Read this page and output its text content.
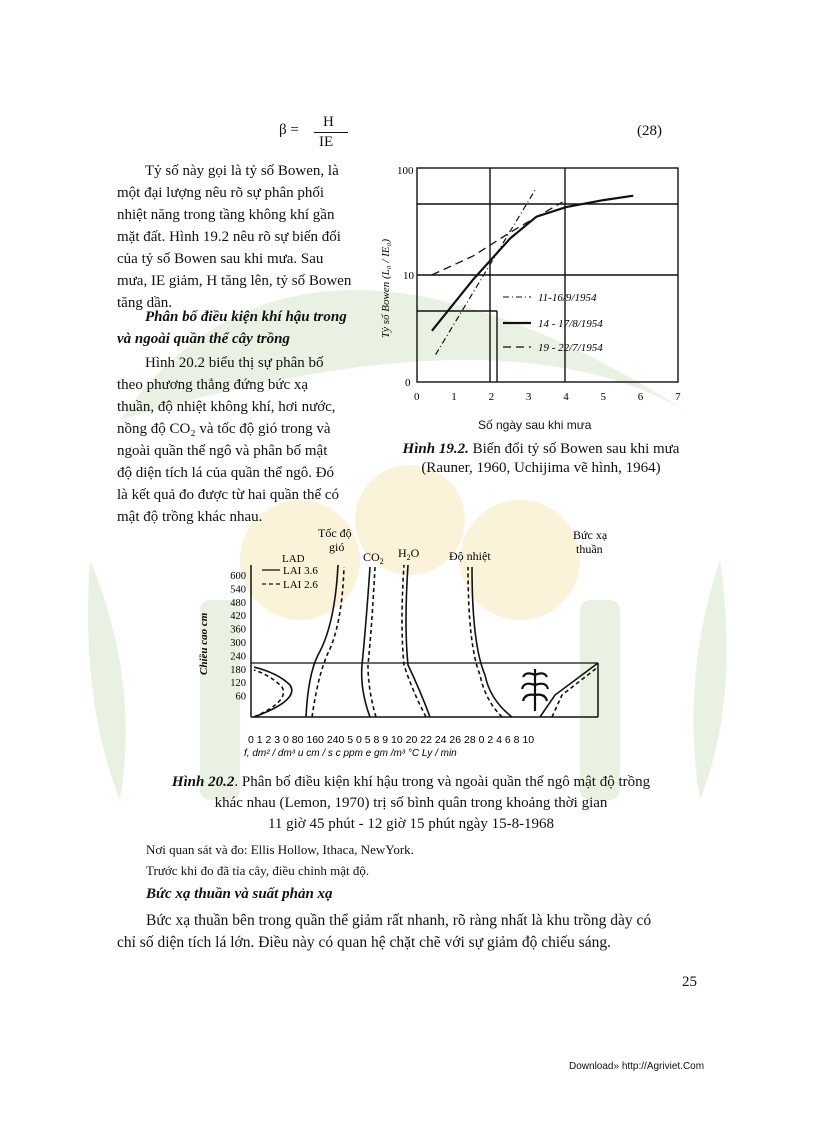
β = H
IE
(28)
Tỷ số này gọi là tỷ số Bowen, là
một đại lượng nêu rõ sự phân phối
nhiệt năng trong tầng không khí gần
mặt đất. Hình 19.2 nêu rõ sự biến đổi
của tỷ số Bowen sau khi mưa. Sau
mưa, IE giảm, H tăng lên, tỷ số Bowen
tăng dần.
Phân bố điều kiện khí hậu trong
và ngoài quần thể cây trồng
Hình 20.2 biểu thị sự phân bố
theo phương thẳng đứng bức xạ
thuần, độ nhiệt không khí, hơi nước,
nồng độ CO₂ và tốc độ gió trong và
ngoài quần thể ngô và phân bố mật
độ diện tích lá của quần thể ngô. Đó
là kết quả đo được từ hai quần thể có
mật độ trồng khác nhau.
100
10
0
0	1	2	3	4	5	6	7
Tỷ số Bowen (L₀ / IE₀)	11-16/9/1954
14 - 17/8/1954
19 - 22/7/1954
Số ngày sau khi mưa
Hình 19.2. Biến đổi tỷ số Bowen sau khi mưa
(Rauner, 1960, Uchijima vẽ hình, 1964)
Tốc độ
gió
$CO_2$
$H_2O$ Độ nhiệt
Bức xạ
thuần
LAD
LAI 3.6
LAI 2.6
600
540
480
420
360
300
240
180
120
60
Chiều cao cm
0 1 2 3 0 80 160 240 5 0 5 8 9 10 20 22 24 26 28 0 2 4 6 8 10
f, dm² / dm³ u cm / s c ppm e gm /m³ °C Ly / min
Hình 20.2. Phân bố điều kiện khí hậu trong và ngoài quần thể ngô mật độ trồng
khác nhau (Lemon, 1970) trị số bình quân trong khoảng thời gian
11 giờ 45 phút - 12 giờ 15 phút ngày 15-8-1968
Nơi quan sát và đo: Ellis Hollow, Ithaca, NewYork.
Trước khi đo đã tỉa cây, điều chỉnh mật độ.
Bức xạ thuần và suất phản xạ
Bức xạ thuần bên trong quần thể giảm rất nhanh, rõ ràng nhất là khu trồng dày có
chỉ số diện tích lá lớn. Điều này có quan hệ chặt chẽ với sự giảm độ chiếu sáng.
25
Download» http://Agriviet.Com
